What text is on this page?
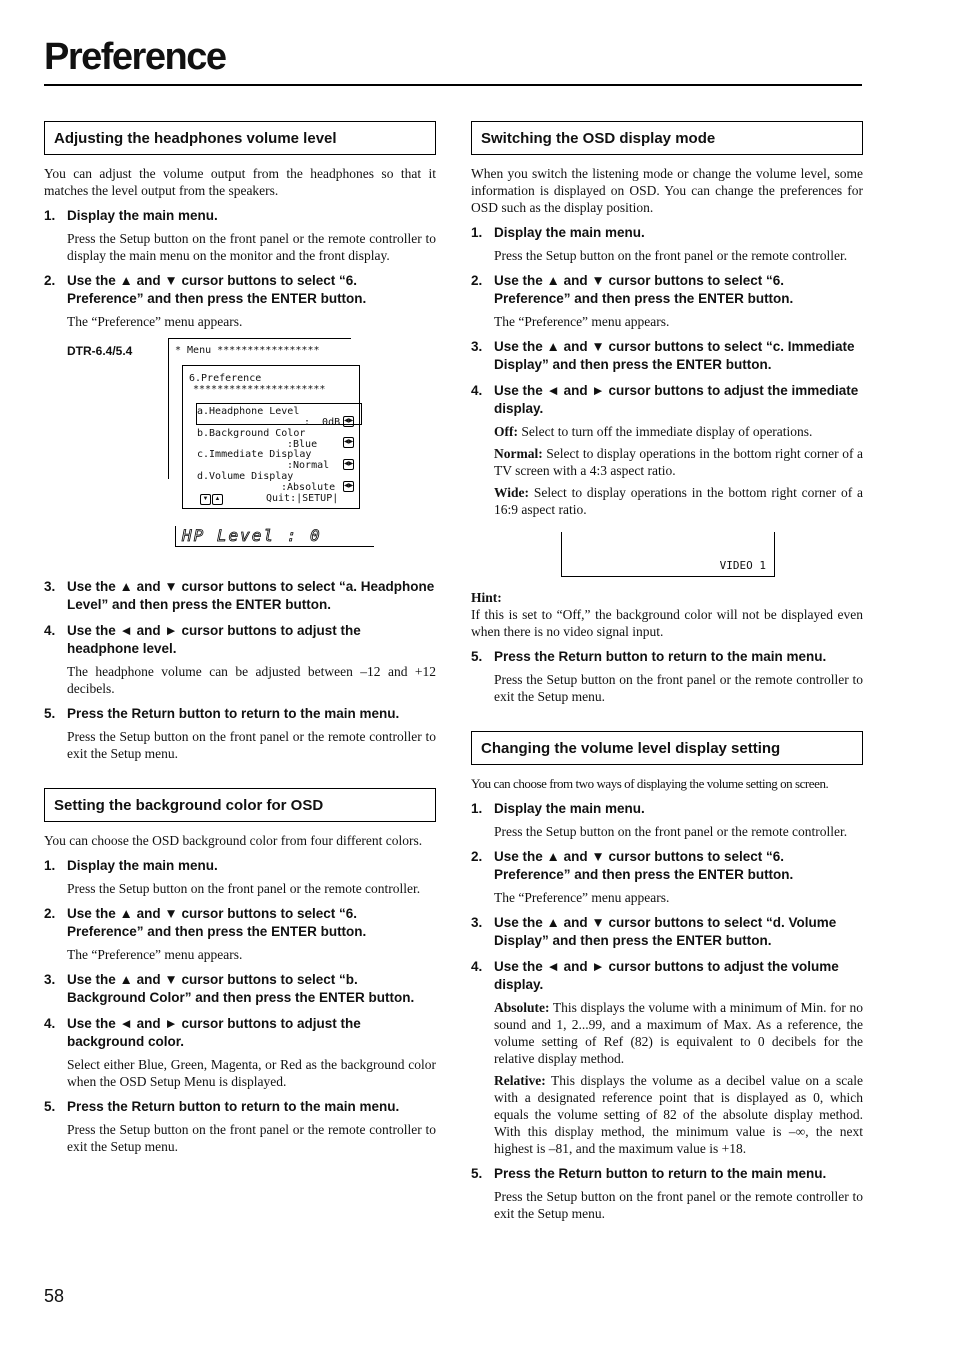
Preference
Adjusting the headphones volume level
You can adjust the volume output from the headphones so that it matches the level output from the speakers.
1. Display the main menu.
Press the Setup button on the front panel or the remote controller to display the main menu on the monitor and the front display.
2. Use the ▲ and ▼ cursor buttons to select “6. Preference” and then press the ENTER button.
The “Preference” menu appears.
DTR-6.4/5.4	* Menu *****************
6.Preference
**********************
a.Headphone Level
:  0dB ◀▶
b.Background Color
:Blue	◀▶
c.Immediate Display
:Normal ◀▶
d.Volume Display
:Absolute ◀▶
▼	▲	Quit:|SETUP|
HP Level : 0
3. Use the ▲ and ▼ cursor buttons to select “a. Headphone Level” and then press the ENTER button.
4. Use the ◄ and ► cursor buttons to adjust the headphone level.
The headphone volume can be adjusted between –12 and +12 decibels.
5. Press the Return button to return to the main menu.
Press the Setup button on the front panel or the remote controller to exit the Setup menu.
Setting the background color for OSD
You can choose the OSD background color from four different colors.
1. Display the main menu.
Press the Setup button on the front panel or the remote controller.
2. Use the ▲ and ▼ cursor buttons to select “6. Preference” and then press the ENTER button.
The “Preference” menu appears.
3. Use the ▲ and ▼ cursor buttons to select “b. Background Color” and then press the ENTER button.
4. Use the ◄ and ► cursor buttons to adjust the background color.
Select either Blue, Green, Magenta, or Red as the background color when the OSD Setup Menu is displayed.
5. Press the Return button to return to the main menu.
Press the Setup button on the front panel or the remote controller to exit the Setup menu.
Switching the OSD display mode
When you switch the listening mode or change the volume level, some information is displayed on OSD. You can change the preferences for OSD such as the display position.
1. Display the main menu.
Press the Setup button on the front panel or the remote controller.
2. Use the ▲ and ▼ cursor buttons to select “6. Preference” and then press the ENTER button.
The “Preference” menu appears.
3. Use the ▲ and ▼ cursor buttons to select “c. Immediate Display” and then press the ENTER button.
4. Use the ◄ and ► cursor buttons to adjust the immediate display.
Off: Select to turn off the immediate display of operations.
Normal: Select to display operations in the bottom right corner of a TV screen with a 4:3 aspect ratio.
Wide: Select to display operations in the bottom right corner of a 16:9 aspect ratio.
VIDEO 1
Hint:
If this is set to “Off,” the background color will not be displayed even when there is no video signal input.
5. Press the Return button to return to the main menu.
Press the Setup button on the front panel or the remote controller to exit the Setup menu.
Changing the volume level display setting
You can choose from two ways of displaying the volume setting on screen.
1. Display the main menu.
Press the Setup button on the front panel or the remote controller.
2. Use the ▲ and ▼ cursor buttons to select “6. Preference” and then press the ENTER button.
The “Preference” menu appears.
3. Use the ▲ and ▼ cursor buttons to select “d. Volume Display” and then press the ENTER button.
4. Use the ◄ and ► cursor buttons to adjust the volume display.
Absolute: This displays the volume with a minimum of Min. for no sound and 1, 2...99, and a maximum of Max. As a reference, the volume setting of Ref (82) is equivalent to 0 decibels for the relative display method.
Relative: This displays the volume as a decibel value on a scale with a designated reference point that is displayed as 0, which equals the volume setting of 82 of the absolute display method. With this display method, the minimum value is –∞, the next highest is –81, and the maximum value is +18.
5. Press the Return button to return to the main menu.
Press the Setup button on the front panel or the remote controller to exit the Setup menu.
58
